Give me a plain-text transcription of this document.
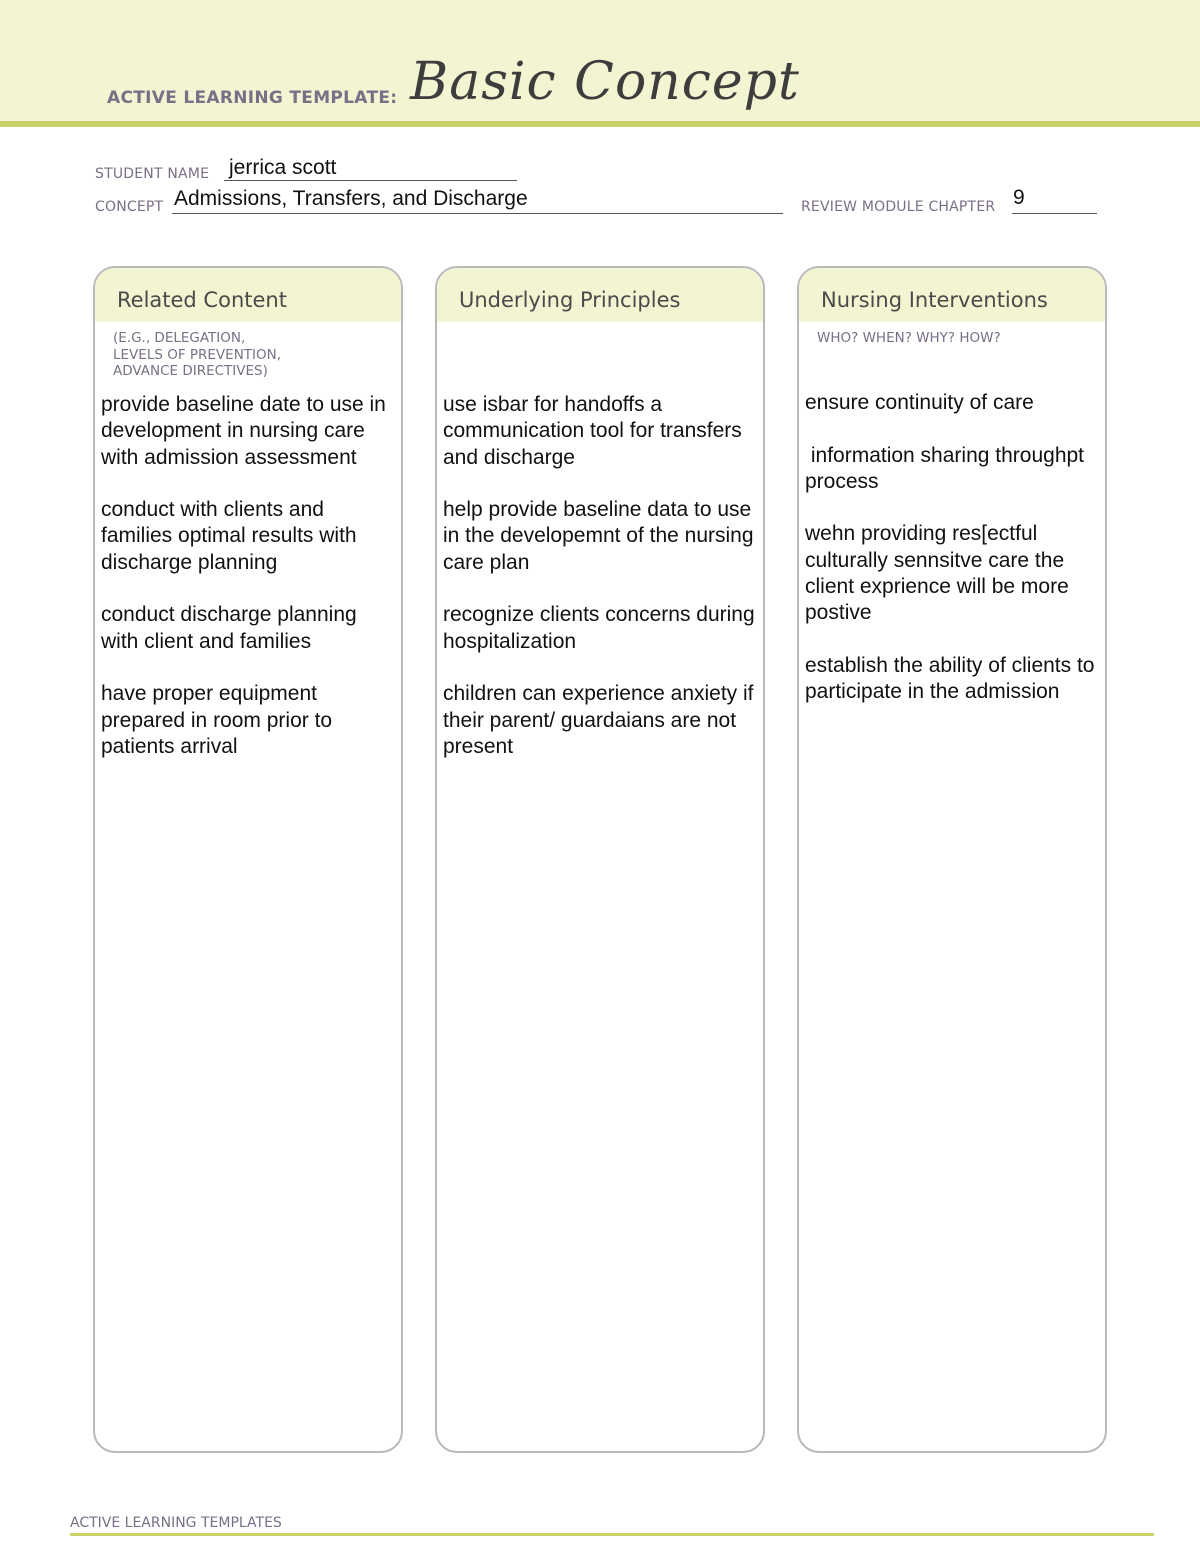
ACTIVE LEARNING TEMPLATE: Basic Concept
STUDENT NAME jerrica scott
CONCEPT Admissions, Transfers, and Discharge	REVIEW MODULE CHAPTER 9
Related Content
(E.G., DELEGATION,
LEVELS OF PREVENTION,
ADVANCE DIRECTIVES)
provide baseline date to use in development in nursing care with admission assessment
conduct with clients and families optimal results with discharge planning
conduct discharge planning with client and families
have proper equipment prepared in room prior to patients arrival
Underlying Principles
use isbar for handoffs a communication tool for transfers and discharge
help provide baseline data to use in the developemnt of the nursing care plan
recognize clients concerns during hospitalization
children can experience anxiety if their parent/ guardaians are not present
Nursing Interventions
WHO? WHEN? WHY? HOW?
ensure continuity of care
information sharing throughpt process
wehn providing res[ectful culturally sennsitve care the client exprience will be more postive
establish the ability of clients to participate in the admission
ACTIVE LEARNING TEMPLATES
